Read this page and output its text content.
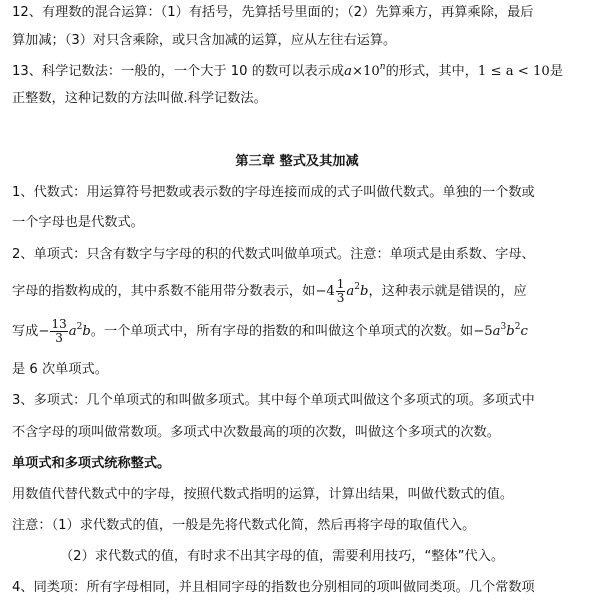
12、有理数的混合运算：（1）有括号，先算括号里面的；（2）先算乘方，再算乘除，最后
算加减；（3）对只含乘除，或只含加减的运算，应从左往右运算。
13、科学记数法：一般的，一个大于 10 的数可以表示成$a\times 10^n$的形式，其中，1 ≤ a < 10是
正整数，这种记数的方法叫做.科学记数法。
第三章 整式及其加减
1、代数式：用运算符号把数或表示数的字母连接而成的式子叫做代数式。单独的一个数或
一个字母也是代数式。
2、单项式：只含有数字与字母的积的代数式叫做单项式。注意：单项式是由系数、字母、
字母的指数构成的，其中系数不能用带分数表示，如$-4 \frac{1}{3} a^2b$，这种表示就是错误的，应
写成− $\frac{13}{3} a^2b$。一个单项式中，所有字母的指数的和叫做这个单项式的次数。如$-5a^3b^2c$
是 6 次单项式。
3、多项式：几个单项式的和叫做多项式。其中每个单项式叫做这个多项式的项。多项式中
不含字母的项叫做常数项。多项式中次数最高的项的次数，叫做这个多项式的次数。
单项式和多项式统称整式。
用数值代替代数式中的字母，按照代数式指明的运算，计算出结果，叫做代数式的值。
注意：（1）求代数式的值，一般是先将代数式化简，然后再将字母的取值代入。
（2）求代数式的值，有时求不出其字母的值，需要利用技巧，“整体”代入。
4、同类项：所有字母相同，并且相同字母的指数也分别相同的项叫做同类项。几个常数项
